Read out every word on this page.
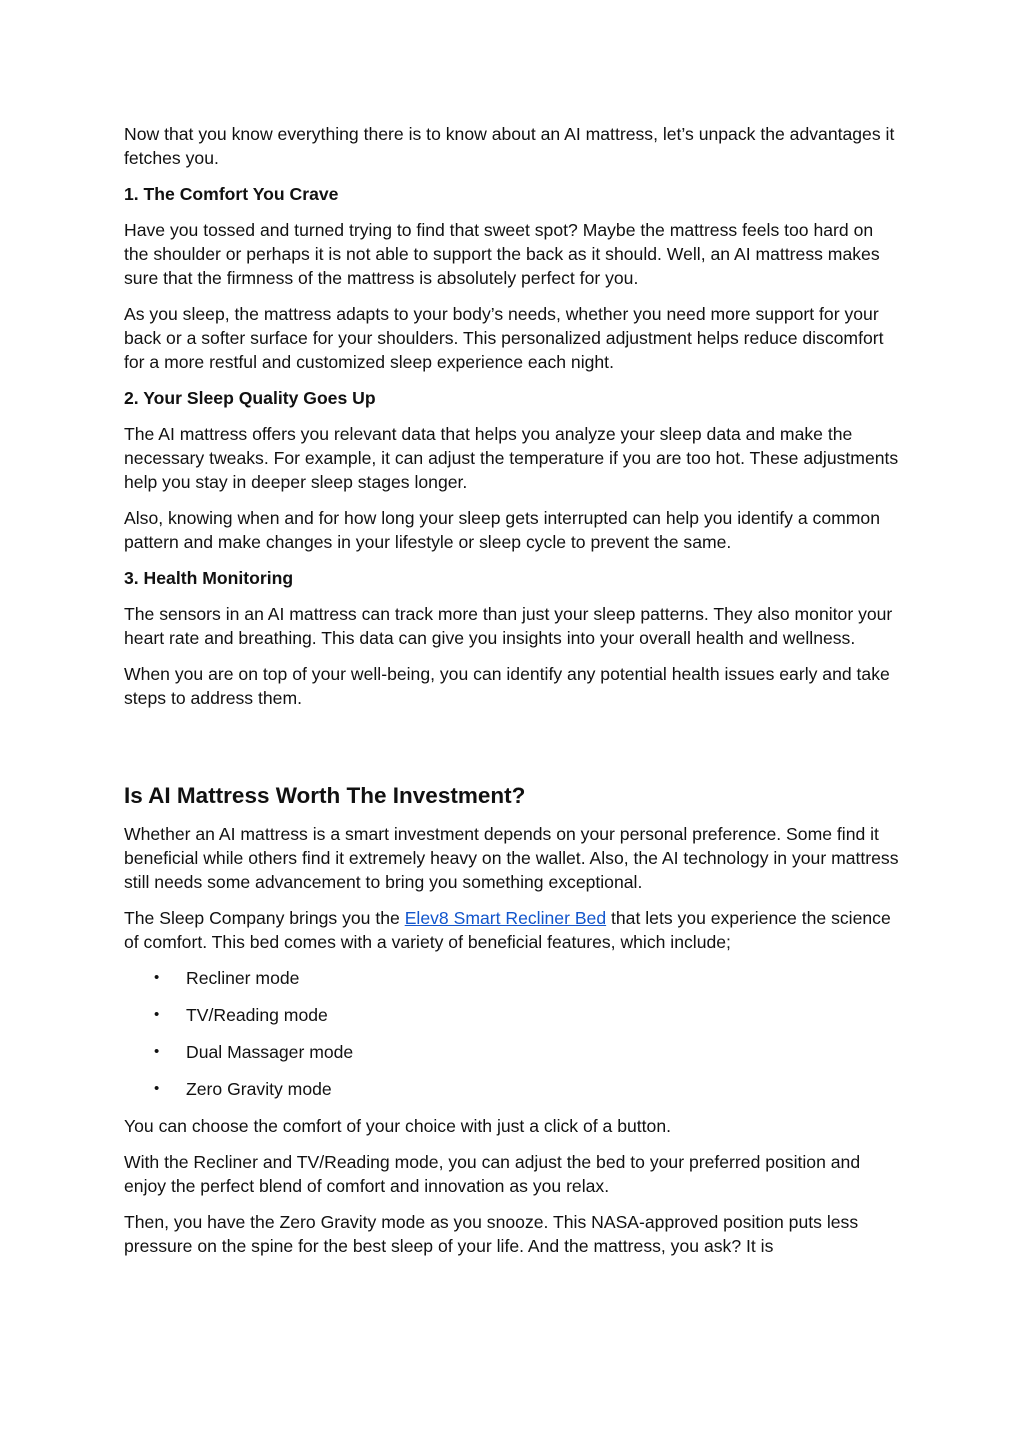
Now that you know everything there is to know about an AI mattress, let’s unpack the advantages it fetches you.

1. The Comfort You Crave

Have you tossed and turned trying to find that sweet spot? Maybe the mattress feels too hard on the shoulder or perhaps it is not able to support the back as it should. Well, an AI mattress makes sure that the firmness of the mattress is absolutely perfect for you.

As you sleep, the mattress adapts to your body’s needs, whether you need more support for your back or a softer surface for your shoulders. This personalized adjustment helps reduce discomfort for a more restful and customized sleep experience each night.

2. Your Sleep Quality Goes Up

The AI mattress offers you relevant data that helps you analyze your sleep data and make the necessary tweaks. For example, it can adjust the temperature if you are too hot. These adjustments help you stay in deeper sleep stages longer.

Also, knowing when and for how long your sleep gets interrupted can help you identify a common pattern and make changes in your lifestyle or sleep cycle to prevent the same.

3. Health Monitoring

The sensors in an AI mattress can track more than just your sleep patterns. They also monitor your heart rate and breathing. This data can give you insights into your overall health and wellness.

When you are on top of your well-being, you can identify any potential health issues early and take steps to address them.

Is AI Mattress Worth The Investment?

Whether an AI mattress is a smart investment depends on your personal preference. Some find it beneficial while others find it extremely heavy on the wallet. Also, the AI technology in your mattress still needs some advancement to bring you something exceptional.

The Sleep Company brings you the Elev8 Smart Recliner Bed that lets you experience the science of comfort. This bed comes with a variety of beneficial features, which include;

• Recliner mode
• TV/Reading mode
• Dual Massager mode
• Zero Gravity mode

You can choose the comfort of your choice with just a click of a button.

With the Recliner and TV/Reading mode, you can adjust the bed to your preferred position and enjoy the perfect blend of comfort and innovation as you relax.

Then, you have the Zero Gravity mode as you snooze. This NASA-approved position puts less pressure on the spine for the best sleep of your life. And the mattress, you ask? It is
